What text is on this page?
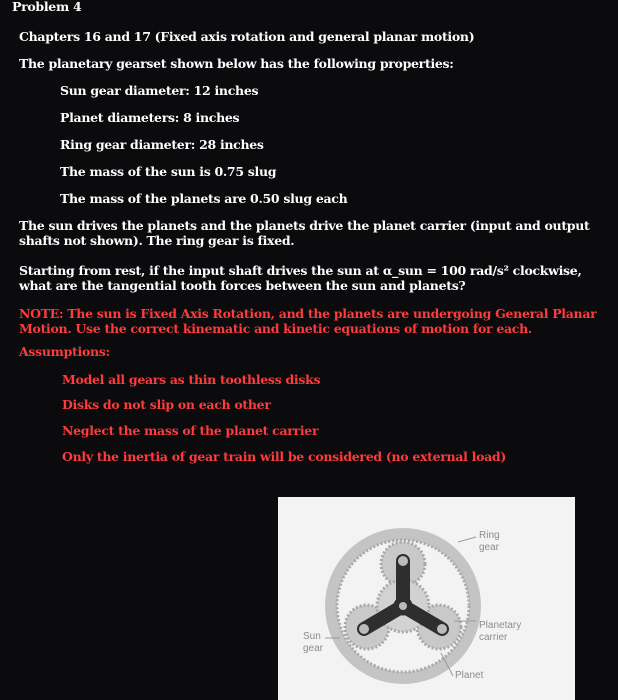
Problem 4
Chapters 16 and 17 (Fixed axis rotation and general planar motion)
The planetary gearset shown below has the following properties:
Sun gear diameter: 12 inches
Planet diameters: 8 inches
Ring gear diameter: 28 inches
The mass of the sun is 0.75 slug
The mass of the planets are 0.50 slug each
The sun drives the planets and the planets drive the planet carrier (input and output shafts not shown). The ring gear is fixed.
Starting from rest, if the input shaft drives the sun at α_sun = 100 rad/s² clockwise, what are the tangential tooth forces between the sun and planets?
NOTE: The sun is Fixed Axis Rotation, and the planets are undergoing General Planar Motion. Use the correct kinematic and kinetic equations of motion for each.
Assumptions:
Model all gears as thin toothless disks
Disks do not slip on each other
Neglect the mass of the planet carrier
Only the inertia of gear train will be considered (no external load)
Ring
gear
Planetary
carrier
Sun
gear
Planet
